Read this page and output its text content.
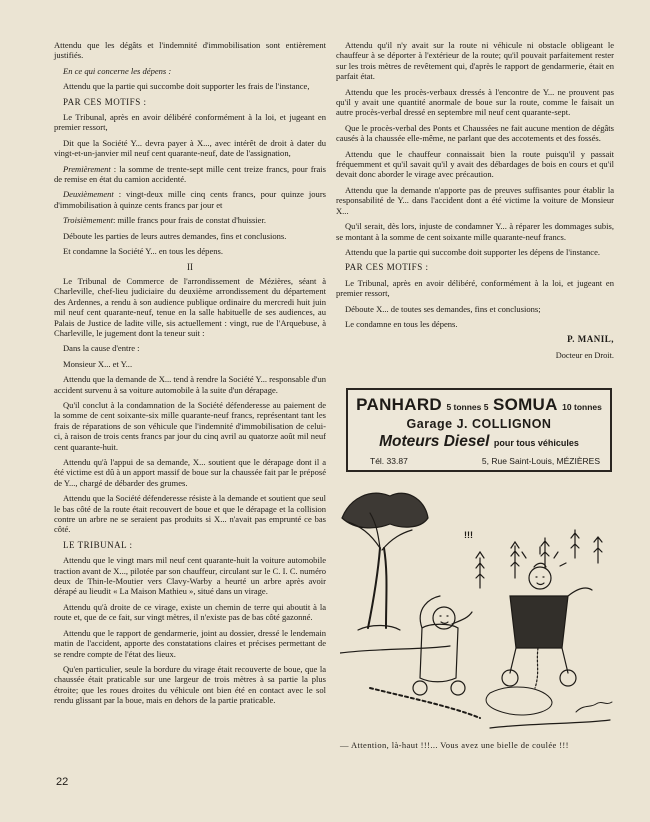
Attendu que les dégâts et l'indemnité d'immobilisation sont entièrement justifiés.

En ce qui concerne les dépens :

Attendu que la partie qui succombe doit supporter les frais de l'instance,

PAR CES MOTIFS :

Le Tribunal, après en avoir délibéré conformément à la loi, et jugeant en premier ressort,

Dit que la Société Y... devra payer à X..., avec intérêt de droit à dater du vingt-et-un-janvier mil neuf cent quarante-neuf, date de l'assignation,

Premièrement : la somme de trente-sept mille cent treize francs, pour frais de remise en état du camion accidenté.

Deuxièmement : vingt-deux mille cinq cents francs, pour quinze jours d'immobilisation à quinze cents francs par jour et

Troisièmement: mille francs pour frais de constat d'huissier.

Déboute les parties de leurs autres demandes, fins et conclusions.

Et condamne la Société Y... en tous les dépens.

II

Le Tribunal de Commerce de l'arrondissement de Mézières, séant à Charleville, chef-lieu judiciaire du deuxième arrondissement du département des Ardennes, a rendu à son audience publique ordinaire du mercredi huit juin mil neuf cent quarante-neuf, tenue en la salle habituelle de ses audiences, au Palais de Justice de ladite ville, sis actuellement : vingt, rue de l'Arquebuse, à Charleville, le jugement dont la teneur suit :

Dans la cause d'entre :

Monsieur X... et Y...

Attendu que la demande de X... tend à rendre la Société Y... responsable d'un accident survenu à sa voiture automobile à la suite d'un dérapage.

Qu'il conclut à la condamnation de la Société défenderesse au paiement de la somme de cent soixante-six mille quarante-neuf francs, représentant tant les frais de réparations de son véhicule que l'indemnité d'immobilisation de celui-ci, à raison de trois cents francs par jour du cinq avril au quatorze août mil neuf cent quarante-huit.

Attendu qu'à l'appui de sa demande, X... soutient que le dérapage dont il a été victime est dû à un apport massif de boue sur la chaussée fait par le préposé de Y..., chargé de débarder des grumes.

Attendu que la Société défenderesse résiste à la demande et soutient que seul le bas côté de la route était recouvert de boue et que le dérapage et la collision contre un arbre ne se seraient pas produits si X... n'avait pas emprunté ce bas côté.

LE TRIBUNAL :

Attendu que le vingt mars mil neuf cent quarante-huit la voiture automobile traction avant de X..., pilotée par son chauffeur, circulant sur le C. I. C. numéro deux de Thin-le-Moutier vers Clavy-Warby a heurté un arbre après avoir dérapé au lieudit « La Maison Mathieu », situé dans un virage.

Attendu qu'à droite de ce virage, existe un chemin de terre qui aboutit à la route et, que de ce fait, sur vingt mètres, il n'existe pas de bas côté gazonné.

Attendu que le rapport de gendarmerie, joint au dossier, dressé le lendemain matin de l'accident, apporte des constatations claires et précises permettant de se rendre compte de l'état des lieux.

Qu'en particulier, seule la bordure du virage était recouverte de boue, que la chaussée était praticable sur une largeur de trois mètres à sa partie la plus étroite; que les roues droites du véhicule ont bien été en contact avec le sol rendu glissant par la boue, mais en dehors de la partie praticable.

Attendu qu'il n'y avait sur la route ni véhicule ni obstacle obligeant le chauffeur à se déporter à l'extérieur de la route; qu'il pouvait parfaitement rester sur les trois mètres de revêtement qui, d'après le rapport de gendarmerie, était en parfait état.

Attendu que les procès-verbaux dressés à l'encontre de Y... ne prouvent pas qu'il y avait une quantité anormale de boue sur la route, comme le faisait un autre procès-verbal dressé en septembre mil neuf cent quarante-sept.

Que le procès-verbal des Ponts et Chaussées ne fait aucune mention de dégâts causés à la chaussée elle-même, ne parlant que des accotements et des fossés.

Attendu que le chauffeur connaissait bien la route puisqu'il y passait fréquemment et qu'il savait qu'il y avait des débardages de bois en cours et qu'il devait donc aborder le virage avec précaution.

Attendu que la demande n'apporte pas de preuves suffisantes pour établir la responsabilité de Y... dans l'accident dont a été victime la voiture de Monsieur X...

Qu'il serait, dès lors, injuste de condamner Y... à réparer les dommages subis, se montant à la somme de cent soixante mille quarante-neuf francs.

Attendu que la partie qui succombe doit supporter les dépens de l'instance.

PAR CES MOTIFS :

Le Tribunal, après en avoir délibéré, conformément à la loi, et jugeant en premier ressort,

Déboute X... de toutes ses demandes, fins et conclusions;

Le condamne en tous les dépens.

P. MANIL,

Docteur en Droit.

PANHARD 5 tonnes 5 SOMUA 10 tonnes
Garage J. COLLIGNON
Moteurs Diesel pour tous véhicules
Tél. 33.87	5, Rue Saint-Louis, MÉZIÈRES
!!!
— Attention, là-haut !!!... Vous avez une bielle de coulée !!!
22
